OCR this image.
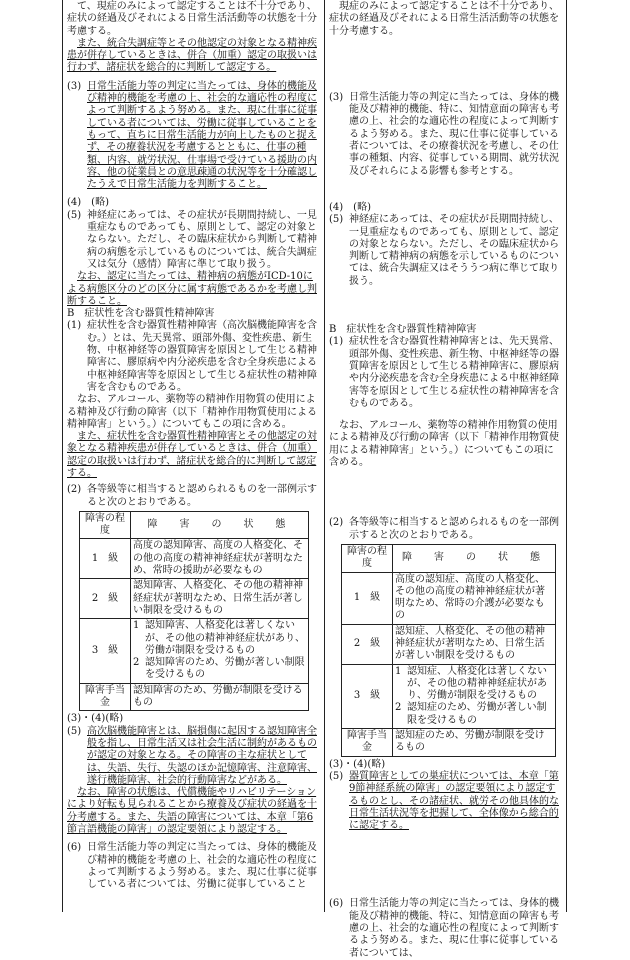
て、現症のみによって認定することは不十分であり、症状の経過及びそれによる日常生活活動等の状態を十分考慮する。

また、統合失調症等とその他認定の対象となる精神疾患が併存しているときは、併合（加重）認定の取扱いは行わず、諸症状を総合的に判断して認定する。

(3) 日常生活能力等の判定に当たっては、身体的機能及び精神的機能を考慮の上、社会的な適応性の程度によって判断するよう努める。また、現に仕事に従事している者については、労働に従事していることをもって、直ちに日常生活能力が向上したものと捉えず、その療養状況を考慮するとともに、仕事の種類、内容、就労状況、仕事場で受けている援助の内容、他の従業員との意思疎通の状況等を十分確認したうえで日常生活能力を判断すること。

(4)　(略)

(5) 神経症にあっては、その症状が長期間持続し、一見重症なものであっても、原則として、認定の対象とならない。ただし、その臨床症状から判断して精神病の病態を示しているものについては、統合失調症又は気分（感情）障害に準じて取り扱う。

なお、認定に当たっては、精神病の病態がICD-10による病態区分のどの区分に属す病態であるかを考慮し判断すること。

B　症状性を含む器質性精神障害

(1) 症状性を含む器質性精神障害（高次脳機能障害を含む。）とは、先天異常、頭部外傷、変性疾患、新生物、中枢神経等の器質障害を原因として生じる精神障害に、膠原病や内分泌疾患を含む全身疾患による中枢神経障害等を原因として生じる症状性の精神障害を含むものである。

なお、アルコール、薬物等の精神作用物質の使用による精神及び行動の障害（以下「精神作用物質使用による精神障害」という。）についてもこの項に含める。

また、症状性を含む器質性精神障害とその他認定の対象となる精神疾患が併存しているときは、併合（加重）認定の取扱いは行わず、諸症状を総合的に判断して認定する。

(2) 各等級等に相当すると認められるものを一部例示すると次のとおりである。
障害の程度	障　害　の　状　態
1　級	高度の認知障害、高度の人格変化、その他の高度の精神神経症状が著明なため、常時の援助が必要なもの
2　級	認知障害、人格変化、その他の精神神経症状が著明なため、日常生活が著しい制限を受けるもの
3　級	1 認知障害、人格変化は著しくないが、その他の精神神経症状があり、労働が制限を受けるもの
2 認知障害のため、労働が著しい制限を受けるもの

障害手当金	認知障害のため、労働が制限を受けるもの

(3)・(4)(略)

(5) 高次脳機能障害とは、脳損傷に起因する認知障害全般を指し、日常生活又は社会生活に制約があるものが認定の対象となる。その障害の主な症状としては、失語、失行、失認のほか記憶障害、注意障害、遂行機能障害、社会的行動障害などがある。

なお、障害の状態は、代償機能やリハビリテーションにより好転も見られることから療養及び症状の経過を十分考慮する。また、失語の障害については、本章「第6節言語機能の障害」の認定要領により認定する。

(6) 日常生活能力等の判定に当たっては、身体的機能及び精神的機能を考慮の上、社会的な適応性の程度によって判断するよう努める。また、現に仕事に従事している者については、労働に従事していること

現症のみによって認定することは不十分であり、症状の経過及びそれによる日常生活活動等の状態を十分考慮する。

(3) 日常生活能力等の判定に当たっては、身体的機能及び精神的機能、特に、知情意面の障害も考慮の上、社会的な適応性の程度によって判断するよう努める。また、現に仕事に従事している者については、その療養状況を考慮し、その仕事の種類、内容、従事している期間、就労状況及びそれらによる影響も参考とする。

(4)　(略)

(5) 神経症にあっては、その症状が長期間持続し、一見重症なものであっても、原則として、認定の対象とならない。ただし、その臨床症状から判断して精神病の病態を示しているものについては、統合失調症又はそううつ病に準じて取り扱う。

B　症状性を含む器質性精神障害

(1) 症状性を含む器質性精神障害とは、先天異常、頭部外傷、変性疾患、新生物、中枢神経等の器質障害を原因として生じる精神障害に、膠原病や内分泌疾患を含む全身疾患による中枢神経障害等を原因として生じる症状性の精神障害を含むものである。

なお、アルコール、薬物等の精神作用物質の使用による精神及び行動の障害（以下「精神作用物質使用による精神障害」という。）についてもこの項に含める。

(2) 各等級等に相当すると認められるものを一部例示すると次のとおりである。
障害の程度	障　害　の　状　態
1　級	高度の認知症、高度の人格変化、その他の高度の精神神経症状が著明なため、常時の介護が必要なもの
2　級	認知症、人格変化、その他の精神神経症状が著明なため、日常生活が著しい制限を受けるもの
3　級	1 認知症、人格変化は著しくないが、その他の精神神経症状があり、労働が制限を受けるもの
2 認知症のため、労働が著しい制限を受けるもの

障害手当金	認知症のため、労働が制限を受けるもの

(3)・(4)(略)

(5) 器質障害としての巣症状については、本章「第9節神経系統の障害」の認定要領により認定するものとし、その諸症状、就労その他具体的な日常生活状況等を把握して、全体像から総合的に認定する。
(6) 日常生活能力等の判定に当たっては、身体的機能及び精神的機能、特に、知情意面の障害も考慮の上、社会的な適応性の程度によって判断するよう努める。また、現に仕事に従事している者については、
